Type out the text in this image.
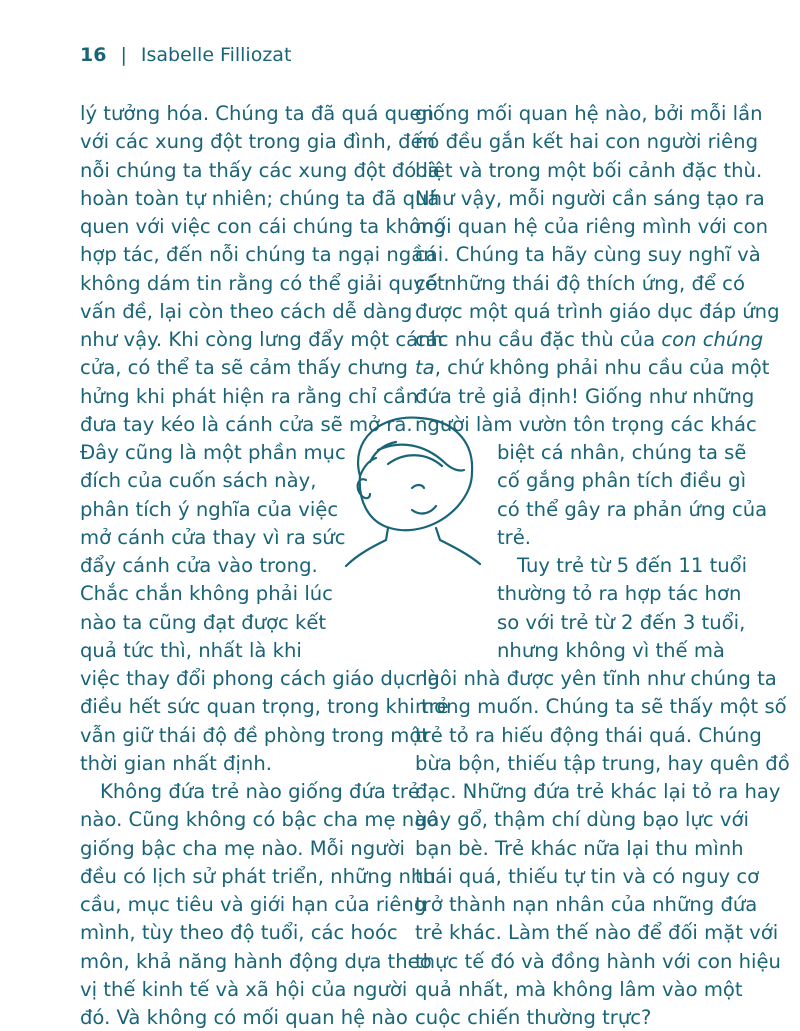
16 | Isabelle Filliozat
lý tưởng hóa. Chúng ta đã quá quen
với các xung đột trong gia đình, đến
nỗi chúng ta thấy các xung đột đó là
hoàn toàn tự nhiên; chúng ta đã quá
quen với việc con cái chúng ta không
hợp tác, đến nỗi chúng ta ngại ngần
không dám tin rằng có thể giải quyết
vấn đề, lại còn theo cách dễ dàng
như vậy. Khi còng lưng đẩy một cánh
cửa, có thể ta sẽ cảm thấy chưng
hửng khi phát hiện ra rằng chỉ cần
đưa tay kéo là cánh cửa sẽ mở ra.
Đây cũng là một phần mục
đích của cuốn sách này,
phân tích ý nghĩa của việc
mở cánh cửa thay vì ra sức
đẩy cánh cửa vào trong.
Chắc chắn không phải lúc
nào ta cũng đạt được kết
quả tức thì, nhất là khi
việc thay đổi phong cách giáo dục là
điều hết sức quan trọng, trong khi trẻ
vẫn giữ thái độ đề phòng trong một
thời gian nhất định.
Không đứa trẻ nào giống đứa trẻ
nào. Cũng không có bậc cha mẹ nào
giống bậc cha mẹ nào. Mỗi người
đều có lịch sử phát triển, những nhu
cầu, mục tiêu và giới hạn của riêng
mình, tùy theo độ tuổi, các hoóc
môn, khả năng hành động dựa theo
vị thế kinh tế và xã hội của người
đó. Và không có mối quan hệ nào
giống mối quan hệ nào, bởi mỗi lần
nó đều gắn kết hai con người riêng
biệt và trong một bối cảnh đặc thù.
Như vậy, mỗi người cần sáng tạo ra
mối quan hệ của riêng mình với con
cái. Chúng ta hãy cùng suy nghĩ và
có những thái độ thích ứng, để có
được một quá trình giáo dục đáp ứng
các nhu cầu đặc thù của con chúng
ta, chứ không phải nhu cầu của một
đứa trẻ giả định! Giống như những
người làm vườn tôn trọng các khác
biệt cá nhân, chúng ta sẽ
cố gắng phân tích điều gì
có thể gây ra phản ứng của
trẻ.
Tuy trẻ từ 5 đến 11 tuổi
thường tỏ ra hợp tác hơn
so với trẻ từ 2 đến 3 tuổi,
nhưng không vì thế mà
ngôi nhà được yên tĩnh như chúng ta
mong muốn. Chúng ta sẽ thấy một số
trẻ tỏ ra hiếu động thái quá. Chúng
bừa bộn, thiếu tập trung, hay quên đồ
đạc. Những đứa trẻ khác lại tỏ ra hay
gây gổ, thậm chí dùng bạo lực với
bạn bè. Trẻ khác nữa lại thu mình
thái quá, thiếu tự tin và có nguy cơ
trở thành nạn nhân của những đứa
trẻ khác. Làm thế nào để đối mặt với
thực tế đó và đồng hành với con hiệu
quả nhất, mà không lâm vào một
cuộc chiến thường trực?
